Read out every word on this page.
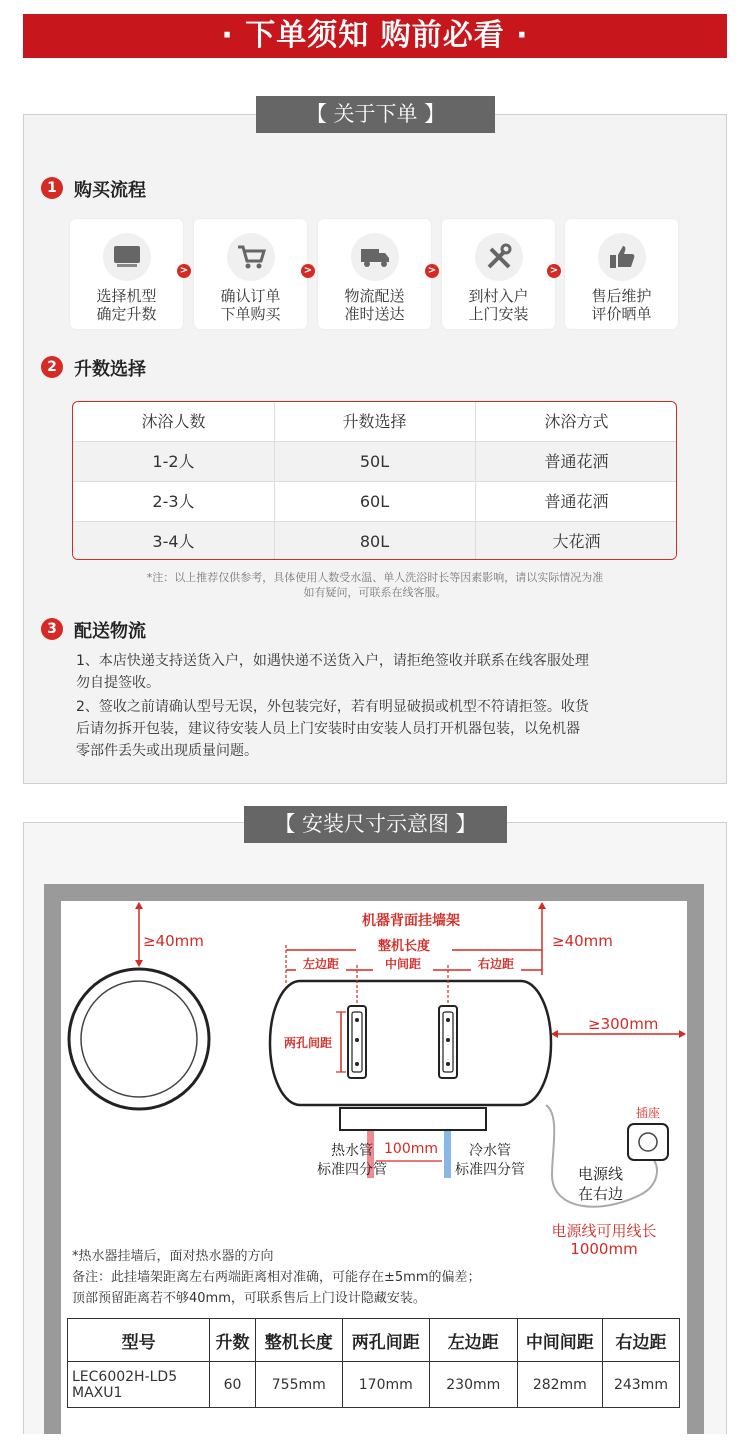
· 下单须知 购前必看 ·
【 关于下单 】
1 购买流程
选择机型
确定升数
>
确认订单
下单购买
>
物流配送
准时送达
>
到村入户
上门安装
>
售后维护
评价晒单
2 升数选择
沐浴人数	升数选择	沐浴方式
1-2人	50L	普通花洒
2-3人	60L	普通花洒
3-4人	80L	大花洒
*注：以上推荐仅供参考，具体使用人数受水温、单人洗浴时长等因素影响，请以实际情况为准
如有疑问，可联系在线客服。
3 配送物流
1、本店快递支持送货入户，如遇快递不送货入户，请拒绝签收并联系在线客服处理
勿自提签收。
2、签收之前请确认型号无误，外包装完好，若有明显破损或机型不符请拒签。收货
后请勿拆开包装，建议待安装人员上门安装时由安装人员打开机器包装，以免机器
零部件丢失或出现质量问题。
【 安装尺寸示意图 】
≥40mm	≥40mm
≥300mm
机器背面挂墙架
整机长度
左边距	中间距	右边距
两孔间距
热水管
标准四分管
100mm	冷水管
标准四分管
插座
电源线
在右边
电源线可用线长
1000mm
*热水器挂墙后，面对热水器的方向
备注：此挂墙架距离左右两端距离相对准确，可能存在±5mm的偏差；
顶部预留距离若不够40mm，可联系售后上门设计隐藏安装。
型号	升数	整机长度	两孔间距	左边距	中间间距	右边距
LEC6002H-LD5
MAXU1	60	755mm	170mm	230mm	282mm	243mm
